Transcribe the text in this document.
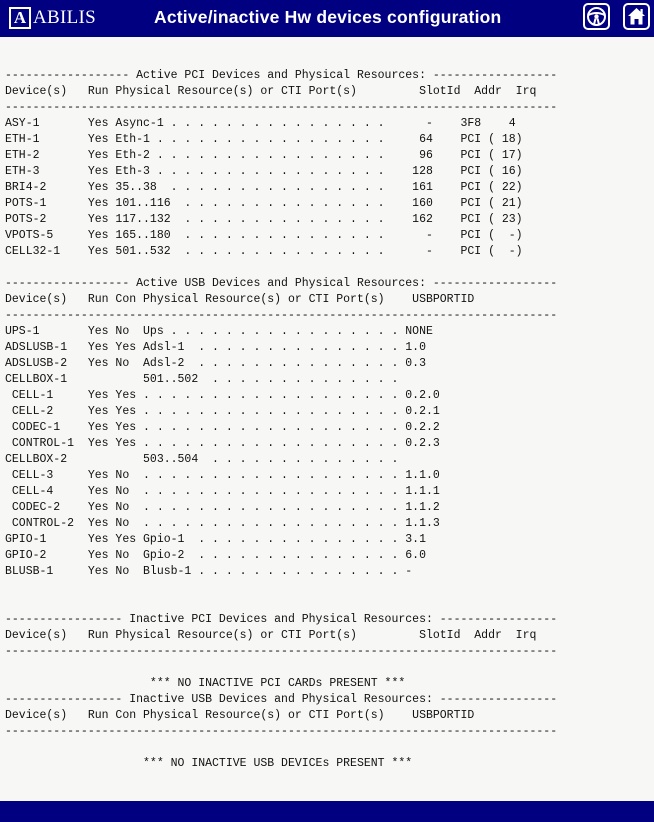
A ABILIS	Active/inactive Hw devices configuration
------------------ Active PCI Devices and Physical Resources: ------------------
Device(s)   Run Physical Resource(s) or CTI Port(s)         SlotId  Addr  Irq
--------------------------------------------------------------------------------
ASY-1       Yes Async-1 . . . . . . . . . . . . . . . .      -    3F8    4
ETH-1       Yes Eth-1 . . . . . . . . . . . . . . . . .     64    PCI ( 18)
ETH-2       Yes Eth-2 . . . . . . . . . . . . . . . . .     96    PCI ( 17)
ETH-3       Yes Eth-3 . . . . . . . . . . . . . . . . .    128    PCI ( 16)
BRI4-2      Yes 35..38  . . . . . . . . . . . . . . . .    161    PCI ( 22)
POTS-1      Yes 101..116  . . . . . . . . . . . . . . .    160    PCI ( 21)
POTS-2      Yes 117..132  . . . . . . . . . . . . . . .    162    PCI ( 23)
VPOTS-5     Yes 165..180  . . . . . . . . . . . . . . .      -    PCI (  -)
CELL32-1    Yes 501..532  . . . . . . . . . . . . . . .      -    PCI (  -)
------------------ Active USB Devices and Physical Resources: ------------------
Device(s)   Run Con Physical Resource(s) or CTI Port(s)    USBPORTID
--------------------------------------------------------------------------------
UPS-1       Yes No  Ups . . . . . . . . . . . . . . . . . NONE
ADSLUSB-1   Yes Yes Adsl-1  . . . . . . . . . . . . . . . 1.0
ADSLUSB-2   Yes No  Adsl-2  . . . . . . . . . . . . . . . 0.3
CELLBOX-1           501..502  . . . . . . . . . . . . . .
CELL-1     Yes Yes . . . . . . . . . . . . . . . . . . . 0.2.0
CELL-2     Yes Yes . . . . . . . . . . . . . . . . . . . 0.2.1
CODEC-1    Yes Yes . . . . . . . . . . . . . . . . . . . 0.2.2
CONTROL-1  Yes Yes . . . . . . . . . . . . . . . . . . . 0.2.3
CELLBOX-2           503..504  . . . . . . . . . . . . . .
CELL-3     Yes No  . . . . . . . . . . . . . . . . . . . 1.1.0
CELL-4     Yes No  . . . . . . . . . . . . . . . . . . . 1.1.1
CODEC-2    Yes No  . . . . . . . . . . . . . . . . . . . 1.1.2
CONTROL-2  Yes No  . . . . . . . . . . . . . . . . . . . 1.1.3
GPIO-1      Yes Yes Gpio-1  . . . . . . . . . . . . . . . 3.1
GPIO-2      Yes No  Gpio-2  . . . . . . . . . . . . . . . 6.0
BLUSB-1     Yes No  Blusb-1 . . . . . . . . . . . . . . . -
----------------- Inactive PCI Devices and Physical Resources: -----------------
Device(s)   Run Physical Resource(s) or CTI Port(s)         SlotId  Addr  Irq
--------------------------------------------------------------------------------

*** NO INACTIVE PCI CARDs PRESENT ***
----------------- Inactive USB Devices and Physical Resources: -----------------
Device(s)   Run Con Physical Resource(s) or CTI Port(s)    USBPORTID
--------------------------------------------------------------------------------

*** NO INACTIVE USB DEVICEs PRESENT ***
